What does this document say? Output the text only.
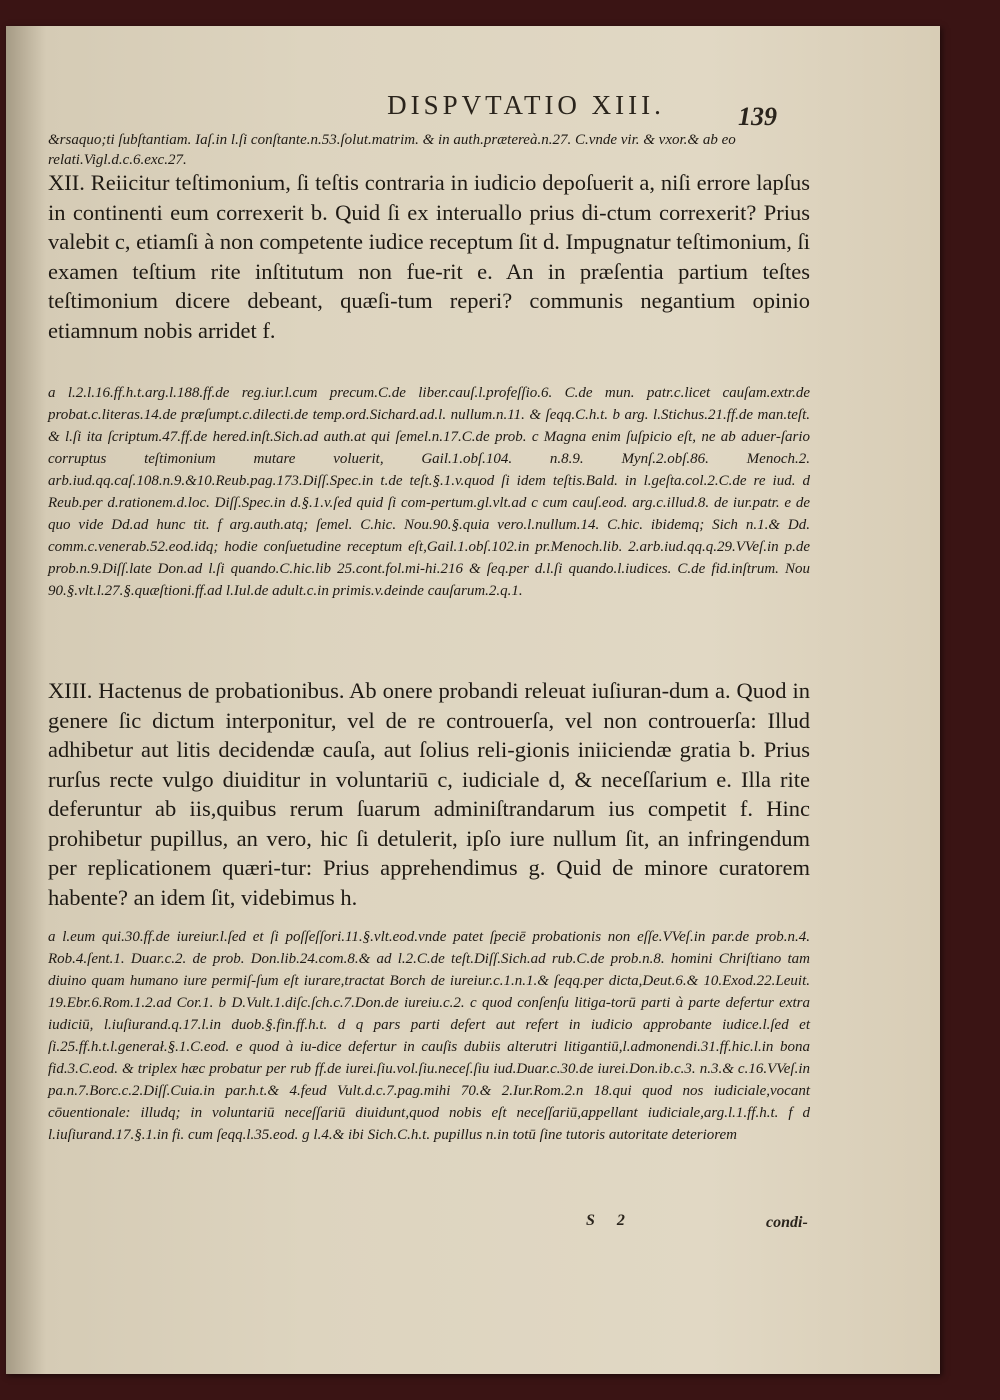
DISPVTATIO XIII.	139
&rsaquo;ti ſubſtantiam. Iaſ.in l.ſi conſtante.n.53.ſolut.matrim. & in auth.prætereà.n.27. C.vnde vir. & vxor.& ab eo relati.Vigl.d.c.6.exc.27.
XII. Reiicitur teſtimonium, ſi teſtis contraria in iudicio depoſuerit a, niſi errore lapſus in continenti eum correxerit b. Quid ſi ex interuallo prius di-ctum correxerit? Prius valebit c, etiamſi à non competente iudice receptum ſit d. Impugnatur teſtimonium, ſi examen teſtium rite inſtitutum non fue-rit e. An in præſentia partium teſtes teſtimonium dicere debeant, quæſi-tum reperi? communis negantium opinio etiamnum nobis arridet f.
a l.2.l.16.ff.h.t.arg.l.188.ff.de reg.iur.l.cum precum.C.de liber.cauſ.l.profeſſio.6. C.de mun. patr.c.licet cauſam.extr.de probat.c.literas.14.de præſumpt.c.dilecti.de temp.ord.Sichard.ad.l. nullum.n.11. & ſeqq.C.h.t. b arg. l.Stichus.21.ff.de man.teſt. & l.ſi ita ſcriptum.47.ff.de hered.inſt.Sich.ad auth.at qui ſemel.n.17.C.de prob. c Magna enim ſuſpicio eſt, ne ab aduer-ſario corruptus teſtimonium mutare voluerit, Gail.1.obſ.104. n.8.9. Mynſ.2.obſ.86. Menoch.2. arb.iud.qq.caſ.108.n.9.&10.Reub.pag.173.Diſſ.Spec.in t.de teſt.§.1.v.quod ſi idem teſtis.Bald. in l.geſta.col.2.C.de re iud. d Reub.per d.rationem.d.loc. Diſſ.Spec.in d.§.1.v.ſed quid ſi com-pertum.gl.vlt.ad c cum cauſ.eod. arg.c.illud.8. de iur.patr. e de quo vide Dd.ad hunc tit. f arg.auth.atq; ſemel. C.hic. Nou.90.§.quia vero.l.nullum.14. C.hic. ibidemq; Sich n.1.& Dd. comm.c.venerab.52.eod.idq; hodie conſuetudine receptum eſt,Gail.1.obſ.102.in pr.Menoch.lib. 2.arb.iud.qq.q.29.VVeſ.in p.de prob.n.9.Diſſ.late Don.ad l.ſi quando.C.hic.lib 25.cont.fol.mi-hi.216 & ſeq.per d.l.ſi quando.l.iudices. C.de fid.inſtrum. Nou 90.§.vlt.l.27.§.quæſtioni.ff.ad l.Iul.de adult.c.in primis.v.deinde cauſarum.2.q.1.
XIII. Hactenus de probationibus. Ab onere probandi releuat iuſiuran-dum a. Quod in genere ſic dictum interponitur, vel de re controuerſa, vel non controuerſa: Illud adhibetur aut litis decidendæ cauſa, aut ſolius reli-gionis iniiciendæ gratia b. Prius rurſus recte vulgo diuiditur in voluntariū c, iudiciale d, & neceſſarium e. Illa rite deferuntur ab iis,quibus rerum ſuarum adminiſtrandarum ius competit f. Hinc prohibetur pupillus, an vero, hic ſi detulerit, ipſo iure nullum ſit, an infringendum per replicationem quæri-tur: Prius apprehendimus g. Quid de minore curatorem habente? an idem ſit, videbimus h.
a l.eum qui.30.ff.de iureiur.l.ſed et ſi poſſeſſori.11.§.vlt.eod.vnde patet ſpeciē probationis non eſſe.VVeſ.in par.de prob.n.4. Rob.4.ſent.1. Duar.c.2. de prob. Don.lib.24.com.8.& ad l.2.C.de teſt.Diſſ.Sich.ad rub.C.de prob.n.8. homini Chriſtiano tam diuino quam humano iure permiſ-ſum eſt iurare,tractat Borch de iureiur.c.1.n.1.& ſeqq.per dicta,Deut.6.& 10.Exod.22.Leuit. 19.Ebr.6.Rom.1.2.ad Cor.1. b D.Vult.1.diſc.ſch.c.7.Don.de iureiu.c.2. c quod conſenſu litiga-torū parti à parte defertur extra iudiciū, l.iuſiurand.q.17.l.in duob.§.fin.ff.h.t. d q pars parti defert aut refert in iudicio approbante iudice.l.ſed et ſi.25.ff.h.t.l.generał.§.1.C.eod. e quod à iu-dice defertur in cauſis dubiis alterutri litigantiū,l.admonendi.31.ff.hic.l.in bona fid.3.C.eod. & triplex hæc probatur per rub ff.de iurei.ſiu.vol.ſiu.neceſ.ſiu iud.Duar.c.30.de iurei.Don.ib.c.3. n.3.& c.16.VVeſ.in pa.n.7.Borc.c.2.Diſſ.Cuia.in par.h.t.& 4.feud Vult.d.c.7.pag.mihi 70.& 2.Iur.Rom.2.n 18.qui quod nos iudiciale,vocant cōuentionale: illudq; in voluntariū neceſſariū diuidunt,quod nobis eſt neceſſariū,appellant iudiciale,arg.l.1.ff.h.t. f d l.iuſiurand.17.§.1.in fi. cum ſeqq.l.35.eod. g l.4.& ibi Sich.C.h.t. pupillus n.in totū ſine tutoris autoritate deteriorem
S 2	condi-
